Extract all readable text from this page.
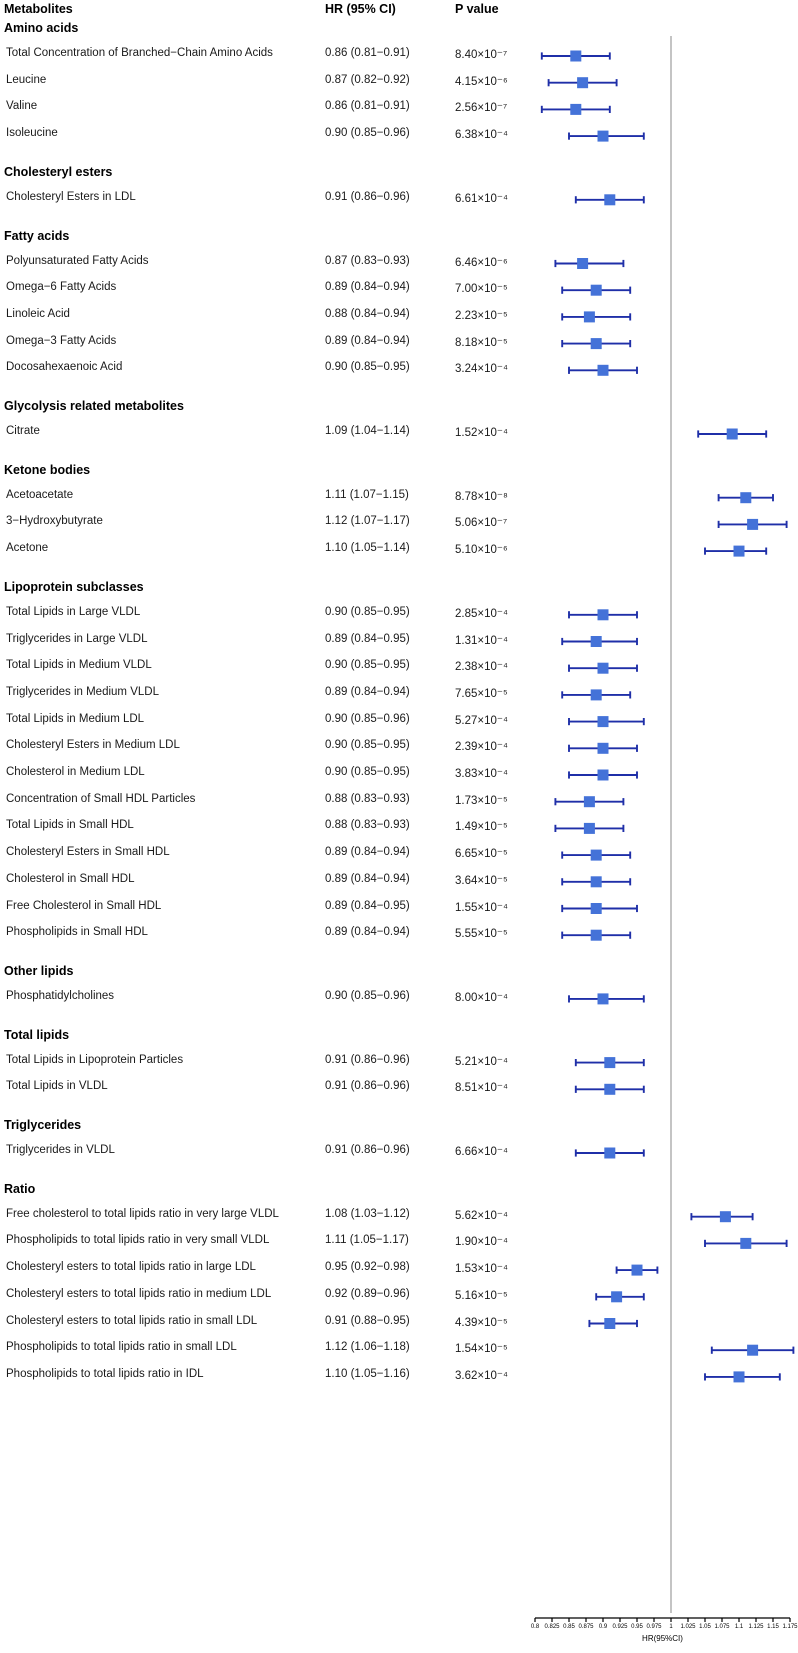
Metabolites	HR (95% CI)	P value
Amino acids
Total Concentration of Branched−Chain Amino Acids	0.86 (0.81−0.91)	8.40×10⁻⁷
Leucine	0.87 (0.82−0.92)	4.15×10⁻⁶
Valine	0.86 (0.81−0.91)	2.56×10⁻⁷
Isoleucine	0.90 (0.85−0.96)	6.38×10⁻⁴
Cholesteryl esters
Cholesteryl Esters in LDL	0.91 (0.86−0.96)	6.61×10⁻⁴
Fatty acids
Polyunsaturated Fatty Acids	0.87 (0.83−0.93)	6.46×10⁻⁶
Omega−6 Fatty Acids	0.89 (0.84−0.94)	7.00×10⁻⁵
Linoleic Acid	0.88 (0.84−0.94)	2.23×10⁻⁵
Omega−3 Fatty Acids	0.89 (0.84−0.94)	8.18×10⁻⁵
Docosahexaenoic Acid	0.90 (0.85−0.95)	3.24×10⁻⁴
Glycolysis related metabolites
Citrate	1.09 (1.04−1.14)	1.52×10⁻⁴
Ketone bodies
Acetoacetate	1.11 (1.07−1.15)	8.78×10⁻⁸
3−Hydroxybutyrate	1.12 (1.07−1.17)	5.06×10⁻⁷
Acetone	1.10 (1.05−1.14)	5.10×10⁻⁶
Lipoprotein subclasses
Total Lipids in Large VLDL	0.90 (0.85−0.95)	2.85×10⁻⁴
Triglycerides in Large VLDL	0.89 (0.84−0.95)	1.31×10⁻⁴
Total Lipids in Medium VLDL	0.90 (0.85−0.95)	2.38×10⁻⁴
Triglycerides in Medium VLDL	0.89 (0.84−0.94)	7.65×10⁻⁵
Total Lipids in Medium LDL	0.90 (0.85−0.96)	5.27×10⁻⁴
Cholesteryl Esters in Medium LDL	0.90 (0.85−0.95)	2.39×10⁻⁴
Cholesterol in Medium LDL	0.90 (0.85−0.95)	3.83×10⁻⁴
Concentration of Small HDL Particles	0.88 (0.83−0.93)	1.73×10⁻⁵
Total Lipids in Small HDL	0.88 (0.83−0.93)	1.49×10⁻⁵
Cholesteryl Esters in Small HDL	0.89 (0.84−0.94)	6.65×10⁻⁵
Cholesterol in Small HDL	0.89 (0.84−0.94)	3.64×10⁻⁵
Free Cholesterol in Small HDL	0.89 (0.84−0.95)	1.55×10⁻⁴
Phospholipids in Small HDL	0.89 (0.84−0.94)	5.55×10⁻⁵
Other lipids
Phosphatidylcholines	0.90 (0.85−0.96)	8.00×10⁻⁴
Total lipids
Total Lipids in Lipoprotein Particles	0.91 (0.86−0.96)	5.21×10⁻⁴
Total Lipids in VLDL	0.91 (0.86−0.96)	8.51×10⁻⁴
Triglycerides
Triglycerides in VLDL	0.91 (0.86−0.96)	6.66×10⁻⁴
Ratio
Free cholesterol to total lipids ratio in very large VLDL	1.08 (1.03−1.12)	5.62×10⁻⁴
Phospholipids to total lipids ratio in very small VLDL	1.11 (1.05−1.17)	1.90×10⁻⁴
Cholesteryl esters to total lipids ratio in large LDL	0.95 (0.92−0.98)	1.53×10⁻⁴
Cholesteryl esters to total lipids ratio in medium LDL	0.92 (0.89−0.96)	5.16×10⁻⁵
Cholesteryl esters to total lipids ratio in small LDL	0.91 (0.88−0.95)	4.39×10⁻⁵
Phospholipids to total lipids ratio in small LDL	1.12 (1.06−1.18)	1.54×10⁻⁵
Phospholipids to total lipids ratio in IDL	1.10 (1.05−1.16)	3.62×10⁻⁴
0.8 0.825 0.85 0.875 0.9 0.925 0.95 0.975 1 1.025 1.05 1.075 1.1 1.125 1.15 1.175
HR(95%CI)
